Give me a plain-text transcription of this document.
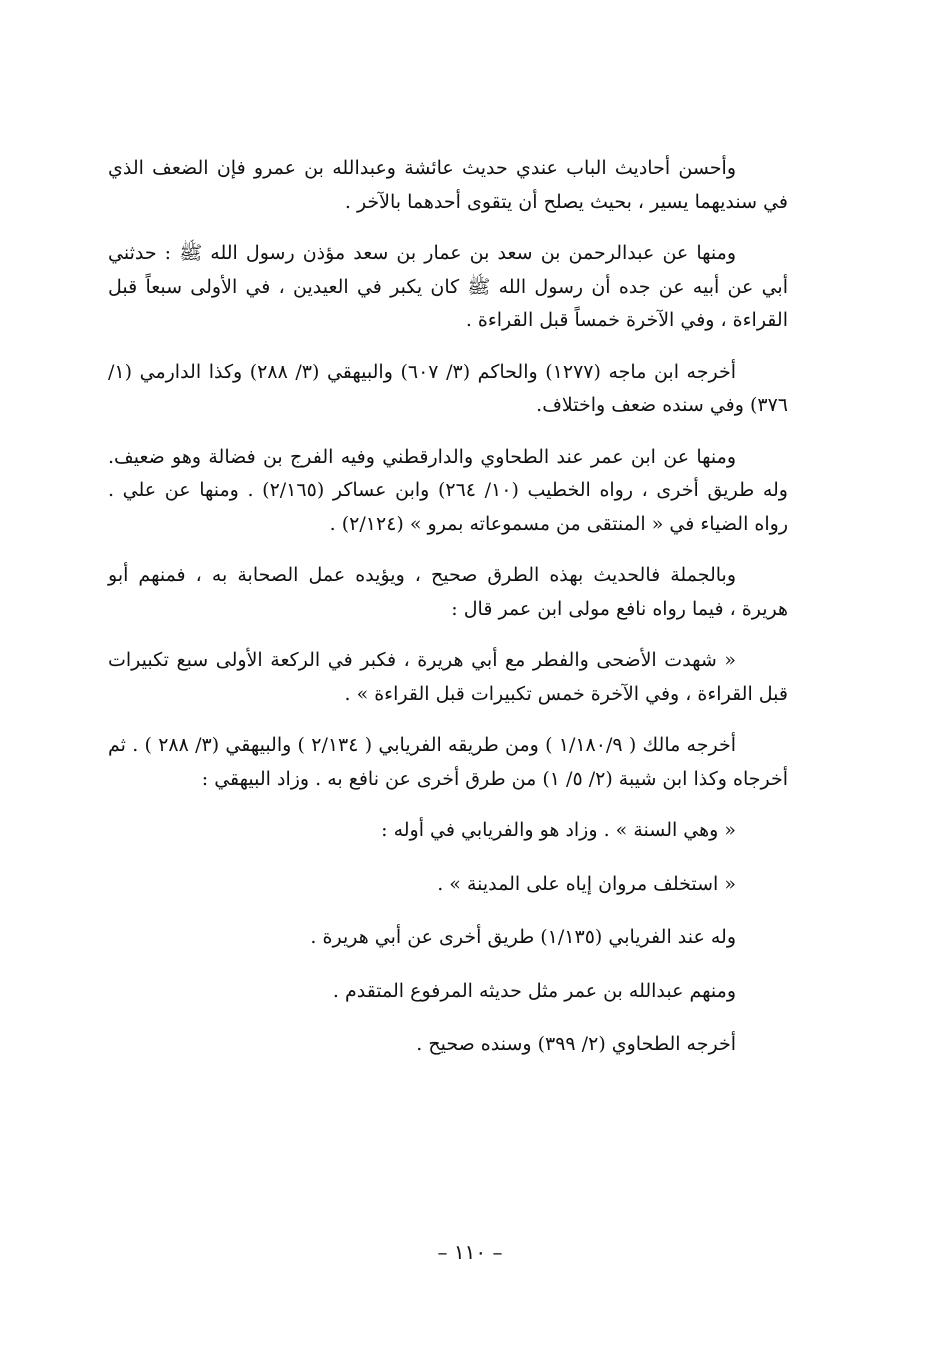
وأحسن أحاديث الباب عندي حديث عائشة وعبدالله بن عمرو فإن الضعف الذي في سنديهما يسير ، بحيث يصلح أن يتقوى أحدهما بالآخر .

ومنها عن عبدالرحمن بن سعد بن عمار بن سعد مؤذن رسول الله ﷺ : حدثني أبي عن أبيه عن جده أن رسول الله ﷺ كان يكبر في العيدين ، في الأولى سبعاً قبل القراءة ، وفي الآخرة خمساً قبل القراءة .

أخرجه ابن ماجه (١٢٧٧) والحاكم (٣/ ٦٠٧) والبيهقي (٣/ ٢٨٨) وكذا الدارمي (١/ ٣٧٦) وفي سنده ضعف واختلاف.

ومنها عن ابن عمر عند الطحاوي والدارقطني وفيه الفرج بن فضالة وهو ضعيف. وله طريق أخرى ، رواه الخطيب (١٠/ ٢٦٤) وابن عساكر (٢/١٦٥) . ومنها عن علي . رواه الضياء في « المنتقى من مسموعاته بمرو » (٢/١٢٤) .

وبالجملة فالحديث بهذه الطرق صحيح ، ويؤيده عمل الصحابة به ، فمنهم أبو هريرة ، فيما رواه نافع مولى ابن عمر قال :

« شهدت الأضحى والفطر مع أبي هريرة ، فكبر في الركعة الأولى سبع تكبيرات قبل القراءة ، وفي الآخرة خمس تكبيرات قبل القراءة » .

أخرجه مالك ( ١/١٨٠/٩ ) ومن طريقه الفريابي ( ٢/١٣٤ ) والبيهقي (٣/ ٢٨٨ ) . ثم أخرجاه وكذا ابن شيبة (٢/ ٥/ ١) من طرق أخرى عن نافع به . وزاد البيهقي :

« وهي السنة » . وزاد هو والفريابي في أوله :

« استخلف مروان إياه على المدينة » .

وله عند الفريابي (١/١٣٥) طريق أخرى عن أبي هريرة .

ومنهم عبدالله بن عمر مثل حديثه المرفوع المتقدم .

أخرجه الطحاوي (٢/ ٣٩٩) وسنده صحيح .

– ١١٠ –
